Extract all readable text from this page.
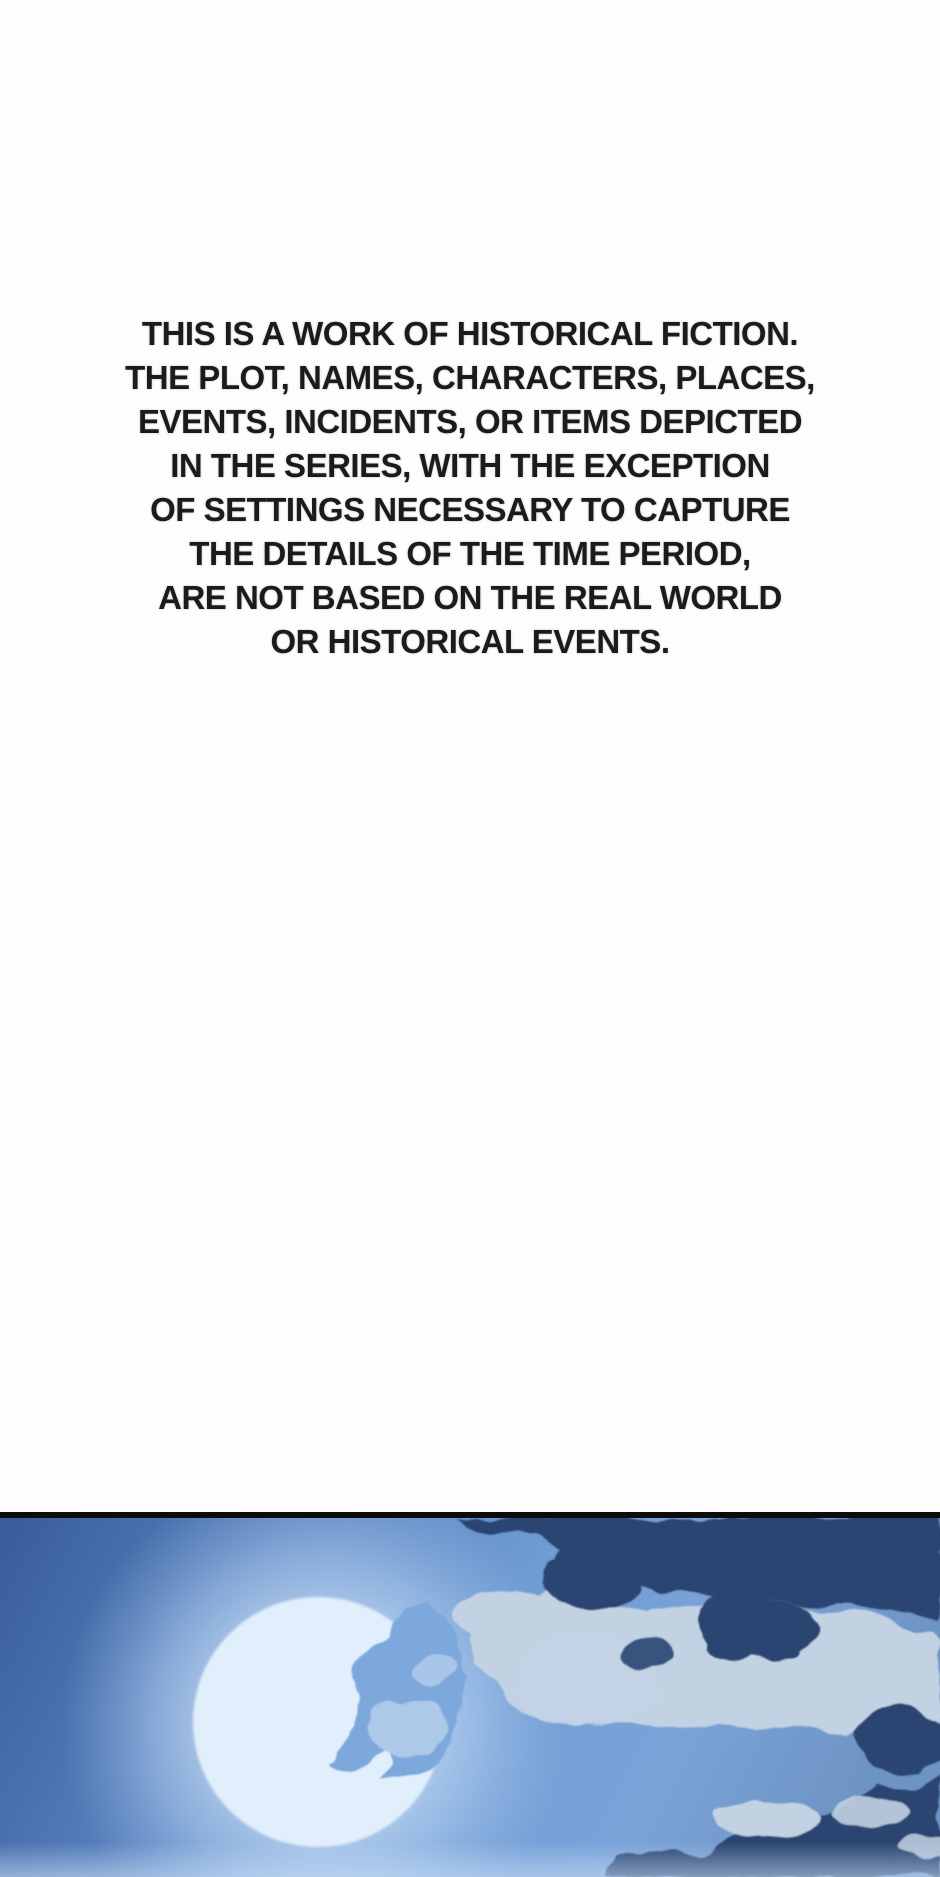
THIS IS A WORK OF HISTORICAL FICTION.
THE PLOT, NAMES, CHARACTERS, PLACES,
EVENTS, INCIDENTS, OR ITEMS DEPICTED
IN THE SERIES, WITH THE EXCEPTION
OF SETTINGS NECESSARY TO CAPTURE
THE DETAILS OF THE TIME PERIOD,
ARE NOT BASED ON THE REAL WORLD
OR HISTORICAL EVENTS.
